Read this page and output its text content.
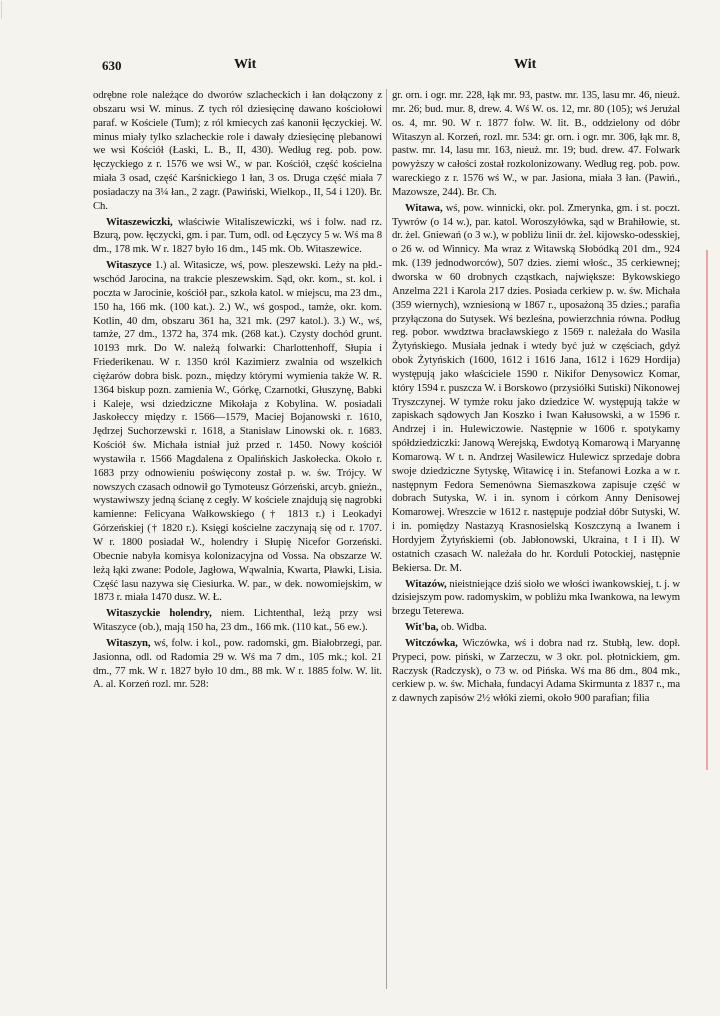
630	Wit	Wit

odrębne role należące do dworów szlacheckich i łan dołączony z obszaru wsi W. minus. Z tych ról dziesięcinę dawano kościołowi paraf. w Kościele (Tum); z ról kmiecych zaś kanonii łęczyckiej. W. minus miały tylko szlacheckie role i dawały dziesięcinę plebanowi we wsi Kościół (Łaski, L. B., II, 430). Według reg. pob. pow. łęczyckiego z r. 1576 we wsi W., w par. Kościół, część kościelna miała 3 osad, część Karśnickiego 1 łan, 3 os. Druga część miała 7 posiadaczy na 3¼ łan., 2 zagr. (Pawiński, Wielkop., II, 54 i 120). Br. Ch.

Witaszewiczki, właściwie Witaliszewiczki, wś i folw. nad rz. Bzurą, pow. łęczycki, gm. i par. Tum, odl. od Łęczycy 5 w. Wś ma 8 dm., 178 mk. W r. 1827 było 16 dm., 145 mk. Ob. Witaszewice.

Witaszyce 1.) al. Witasicze, wś, pow. pleszewski. Leży na płd.-wschód Jarocina, na trakcie pleszewskim. Sąd, okr. kom., st. kol. i poczta w Jarocinie, kościół par., szkoła katol. w miejscu, ma 23 dm., 150 ha, 166 mk. (100 kat.). 2.) W., wś gospod., tamże, okr. kom. Kotlin, 40 dm, obszaru 361 ha, 321 mk. (297 katol.). 3.) W., wś, tamże, 27 dm., 1372 ha, 374 mk. (268 kat.). Czysty dochód grunt. 10193 mrk. Do W. należą folwarki: Charlottenhoff, Słupia i Friederikenau. W r. 1350 król Kazimierz zwalnia od wszelkich ciężarów dobra bisk. pozn., między którymi wymienia także W. R. 1364 biskup pozn. zamienia W., Górkę, Czarnotki, Głuszynę, Babki i Kaleje, wsi dziedziczne Mikołaja z Kobylina. W. posiadali Jaskołeccy między r. 1566—1579, Maciej Bojanowski r. 1610, Jędrzej Suchorzewski r. 1618, a Stanisław Linowski ok. r. 1683. Kościół św. Michała istniał już przed r. 1450. Nowy kościół wystawiła r. 1566 Magdalena z Opalińskich Jaskołecka. Około r. 1683 przy odnowieniu poświęcony został p. w. św. Trójcy. W nowszych czasach odnowił go Tymoteusz Górzeński, arcyb. gnieźn., wystawiwszy jedną ścianę z cegły. W kościele znajdują się nagrobki kamienne: Felicyana Wałkowskiego († 1813 r.) i Leokadyi Górzeńskiej († 1820 r.). Księgi kościelne zaczynają się od r. 1707. W r. 1800 posiadał W., holendry i Słupię Nicefor Gorzeński. Obecnie nabyła komisya kolonizacyjna od Vossa. Na obszarze W. leżą łąki zwane: Podole, Jagłowa, Wąwalnia, Kwarta, Pławki, Lisia. Część lasu nazywa się Ciesiurka. W. par., w dek. nowomiejskim, w 1873 r. miała 1470 dusz. W. Ł.

Witaszyckie holendry, niem. Lichtenthal, leżą przy wsi Witaszyce (ob.), mają 150 ha, 23 dm., 166 mk. (110 kat., 56 ew.).

Witaszyn, wś, folw. i kol., pow. radomski, gm. Białobrzegi, par. Jasionna, odl. od Radomia 29 w. Wś ma 7 dm., 105 mk.; kol. 21 dm., 77 mk. W r. 1827 było 10 dm., 88 mk. W r. 1885 folw. W. lit. A. al. Korzeń rozl. mr. 528:

gr. orn. i ogr. mr. 228, łąk mr. 93, pastw. mr. 135, lasu mr. 46, nieuż. mr. 26; bud. mur. 8, drew. 4. Wś W. os. 12, mr. 80 (105); wś Jerużal os. 4, mr. 90. W r. 1877 folw. W. lit. B., oddzielony od dóbr Witaszyn al. Korzeń, rozl. mr. 534: gr. orn. i ogr. mr. 306, łąk mr. 8, pastw. mr. 14, lasu mr. 163, nieuż. mr. 19; bud. drew. 47. Folwark powyższy w całości został rozkolonizowany. Według reg. pob. pow. wareckiego z r. 1576 wś W., w par. Jasiona, miała 3 łan. (Pawiń., Mazowsze, 244). Br. Ch.

Witawa, wś, pow. winnicki, okr. pol. Zmerynka, gm. i st. poczt. Tywrów (o 14 w.), par. katol. Woroszyłówka, sąd w Brahiłowie, st. dr. żel. Gniewań (o 3 w.), w pobliżu linii dr. żel. kijowsko-odesskiej, o 26 w. od Winnicy. Ma wraz z Witawską Słobódką 201 dm., 924 mk. (139 jednodworców), 507 dzies. ziemi włośc., 35 cerkiewnej; dworska w 60 drobnych cząstkach, największe: Bykowskiego Anzelma 221 i Karola 217 dzies. Posiada cerkiew p. w. św. Michała (359 wiernych), wzniesioną w 1867 r., uposażoną 35 dzies.; parafia przyłączona do Sutysek. Wś bezleśna, powierzchnia równa. Podług reg. pobor. wwdztwa bracławskiego z 1569 r. należała do Wasila Żytyńskiego. Musiała jednak i wtedy być już w częściach, gdyż obok Żytyńskich (1600, 1612 i 1616 Jana, 1612 i 1629 Hordija) występują jako właściciele 1590 r. Nikifor Denysowicz Komar, który 1594 r. puszcza W. i Borskowo (przysiółki Sutiski) Nikonowej Tryszczynej. W tymże roku jako dziedzice W. występują także w zapiskach sądowych Jan Koszko i Iwan Kałusowski, a w 1596 r. Andrzej i in. Hulewiczowie. Następnie w 1606 r. spotykamy spółdziedziczki: Janową Werejską, Ewdotyą Komarową i Maryannę Komarową. W t. n. Andrzej Wasilewicz Hulewicz sprzedaje dobra swoje dziedziczne Sytyskę, Witawicę i in. Stefanowi Łozka a w r. następnym Fedora Semenówna Siemaszkowa zapisuje część w dobrach Sutyska, W. i in. synom i córkom Anny Denisowej Komarowej. Wreszcie w 1612 r. następuje podział dóbr Sutyski, W. i in. pomiędzy Nastazyą Krasnosielską Koszczyną a Iwanem i Hordyjem Żytyńskiemi (ob. Jabłonowski, Ukraina, t I i II). W ostatnich czasach W. należała do hr. Korduli Potockiej, następnie Bekiersa. Dr. M.

Witazów, nieistniejące dziś sioło we włości iwankowskiej, t. j. w dzisiejszym pow. radomyskim, w pobliżu mka Iwankowa, na lewym brzegu Teterewa.

Wit'ba, ob. Widba.

Witczówka, Wiczówka, wś i dobra nad rz. Stubłą, lew. dopł. Prypeci, pow. piński, w Zarzeczu, w 3 okr. pol. płotnickiem, gm. Raczysk (Radczysk), o 73 w. od Pińska. Wś ma 86 dm., 804 mk., cerkiew p. w. św. Michała, fundacyi Adama Skirmunta z 1837 r., ma z dawnych zapisów 2½ włóki ziemi, około 900 parafian; filia
